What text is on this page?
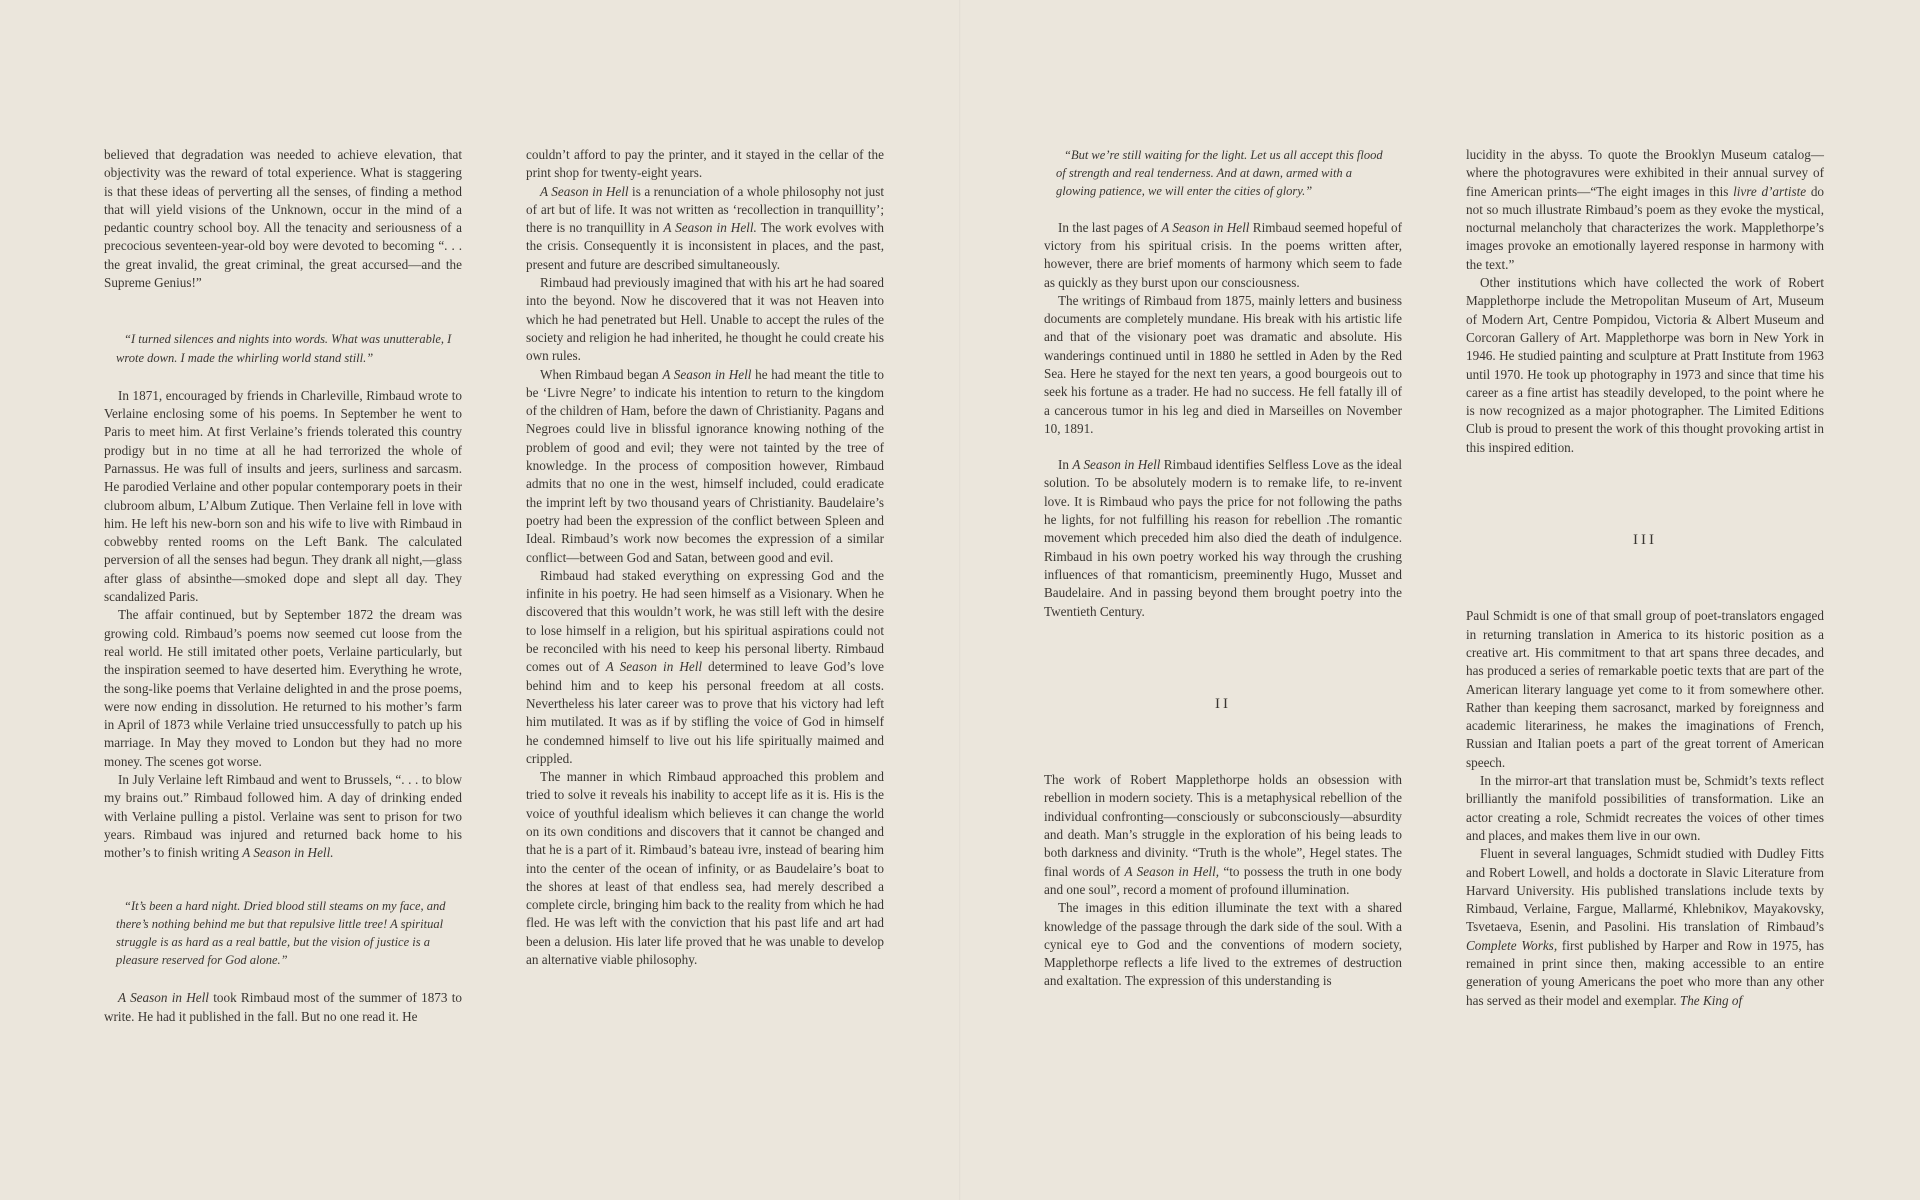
believed that degradation was needed to achieve elevation, that objectivity was the reward of total experience. What is staggering is that these ideas of perverting all the senses, of finding a method that will yield visions of the Unknown, occur in the mind of a pedantic country school boy. All the tenacity and seriousness of a precocious seventeen-year-old boy were devoted to becoming “. . . the great invalid, the great criminal, the great accursed—and the Supreme Genius!”

“I turned silences and nights into words. What was unutterable, I wrote down. I made the whirling world stand still.”

In 1871, encouraged by friends in Charleville, Rimbaud wrote to Verlaine enclosing some of his poems. In September he went to Paris to meet him. At first Verlaine’s friends tolerated this country prodigy but in no time at all he had terrorized the whole of Parnassus. He was full of insults and jeers, surliness and sarcasm. He parodied Verlaine and other popular contemporary poets in their clubroom album, L’Album Zutique. Then Verlaine fell in love with him. He left his new-born son and his wife to live with Rimbaud in cobwebby rented rooms on the Left Bank. The calculated perversion of all the senses had begun. They drank all night,—glass after glass of absinthe—smoked dope and slept all day. They scandalized Paris.

The affair continued, but by September 1872 the dream was growing cold. Rimbaud’s poems now seemed cut loose from the real world. He still imitated other poets, Verlaine particularly, but the inspiration seemed to have deserted him. Everything he wrote, the song-like poems that Verlaine delighted in and the prose poems, were now ending in dissolution. He returned to his mother’s farm in April of 1873 while Verlaine tried unsuccessfully to patch up his marriage. In May they moved to London but they had no more money. The scenes got worse.

In July Verlaine left Rimbaud and went to Brussels, “. . . to blow my brains out.” Rimbaud followed him. A day of drinking ended with Verlaine pulling a pistol. Verlaine was sent to prison for two years. Rimbaud was injured and returned back home to his mother’s to finish writing A Season in Hell.

“It’s been a hard night. Dried blood still steams on my face, and there’s nothing behind me but that repulsive little tree! A spiritual struggle is as hard as a real battle, but the vision of justice is a pleasure reserved for God alone.”

A Season in Hell took Rimbaud most of the summer of 1873 to write. He had it published in the fall. But no one read it. He

couldn’t afford to pay the printer, and it stayed in the cellar of the print shop for twenty-eight years.

A Season in Hell is a renunciation of a whole philosophy not just of art but of life. It was not written as ‘recollection in tranquillity’; there is no tranquillity in A Season in Hell. The work evolves with the crisis. Consequently it is inconsistent in places, and the past, present and future are described simultaneously.

Rimbaud had previously imagined that with his art he had soared into the beyond. Now he discovered that it was not Heaven into which he had penetrated but Hell. Unable to accept the rules of the society and religion he had inherited, he thought he could create his own rules.

When Rimbaud began A Season in Hell he had meant the title to be ‘Livre Negre’ to indicate his intention to return to the kingdom of the children of Ham, before the dawn of Christianity. Pagans and Negroes could live in blissful ignorance knowing nothing of the problem of good and evil; they were not tainted by the tree of knowledge. In the process of composition however, Rimbaud admits that no one in the west, himself included, could eradicate the imprint left by two thousand years of Christianity. Baudelaire’s poetry had been the expression of the conflict between Spleen and Ideal. Rimbaud’s work now becomes the expression of a similar conflict—between God and Satan, between good and evil.

Rimbaud had staked everything on expressing God and the infinite in his poetry. He had seen himself as a Visionary. When he discovered that this wouldn’t work, he was still left with the desire to lose himself in a religion, but his spiritual aspirations could not be reconciled with his need to keep his personal liberty. Rimbaud comes out of A Season in Hell determined to leave God’s love behind him and to keep his personal freedom at all costs. Nevertheless his later career was to prove that his victory had left him mutilated. It was as if by stifling the voice of God in himself he condemned himself to live out his life spiritually maimed and crippled.

The manner in which Rimbaud approached this problem and tried to solve it reveals his inability to accept life as it is. His is the voice of youthful idealism which believes it can change the world on its own conditions and discovers that it cannot be changed and that he is a part of it. Rimbaud’s bateau ivre, instead of bearing him into the center of the ocean of infinity, or as Baudelaire’s boat to the shores at least of that endless sea, had merely described a complete circle, bringing him back to the reality from which he had fled. He was left with the conviction that his past life and art had been a delusion. His later life proved that he was unable to develop an alternative viable philosophy.

“But we’re still waiting for the light. Let us all accept this flood of strength and real tenderness. And at dawn, armed with a glowing patience, we will enter the cities of glory.”

In the last pages of A Season in Hell Rimbaud seemed hopeful of victory from his spiritual crisis. In the poems written after, however, there are brief moments of harmony which seem to fade as quickly as they burst upon our consciousness.

The writings of Rimbaud from 1875, mainly letters and business documents are completely mundane. His break with his artistic life and that of the visionary poet was dramatic and absolute. His wanderings continued until in 1880 he settled in Aden by the Red Sea. Here he stayed for the next ten years, a good bourgeois out to seek his fortune as a trader. He had no success. He fell fatally ill of a cancerous tumor in his leg and died in Marseilles on November 10, 1891.

In A Season in Hell Rimbaud identifies Selfless Love as the ideal solution. To be absolutely modern is to remake life, to re-invent love. It is Rimbaud who pays the price for not following the paths he lights, for not fulfilling his reason for rebellion .The romantic movement which preceded him also died the death of indulgence. Rimbaud in his own poetry worked his way through the crushing influences of that romanticism, preeminently Hugo, Musset and Baudelaire. And in passing beyond them brought poetry into the Twentieth Century.

II

The work of Robert Mapplethorpe holds an obsession with rebellion in modern society. This is a metaphysical rebellion of the individual confronting—consciously or subconsciously—absurdity and death. Man’s struggle in the exploration of his being leads to both darkness and divinity. “Truth is the whole”, Hegel states. The final words of A Season in Hell, “to possess the truth in one body and one soul”, record a moment of profound illumination.

The images in this edition illuminate the text with a shared knowledge of the passage through the dark side of the soul. With a cynical eye to God and the conventions of modern society, Mapplethorpe reflects a life lived to the extremes of destruction and exaltation. The expression of this understanding is

lucidity in the abyss. To quote the Brooklyn Museum catalog—where the photogravures were exhibited in their annual survey of fine American prints—“The eight images in this livre d’artiste do not so much illustrate Rimbaud’s poem as they evoke the mystical, nocturnal melancholy that characterizes the work. Mapplethorpe’s images provoke an emotionally layered response in harmony with the text.”

Other institutions which have collected the work of Robert Mapplethorpe include the Metropolitan Museum of Art, Museum of Modern Art, Centre Pompidou, Victoria & Albert Museum and Corcoran Gallery of Art. Mapplethorpe was born in New York in 1946. He studied painting and sculpture at Pratt Institute from 1963 until 1970. He took up photography in 1973 and since that time his career as a fine artist has steadily developed, to the point where he is now recognized as a major photographer. The Limited Editions Club is proud to present the work of this thought provoking artist in this inspired edition.

III

Paul Schmidt is one of that small group of poet-translators engaged in returning translation in America to its historic position as a creative art. His commitment to that art spans three decades, and has produced a series of remarkable poetic texts that are part of the American literary language yet come to it from somewhere other. Rather than keeping them sacrosanct, marked by foreignness and academic literariness, he makes the imaginations of French, Russian and Italian poets a part of the great torrent of American speech.

In the mirror-art that translation must be, Schmidt’s texts reflect brilliantly the manifold possibilities of transformation. Like an actor creating a role, Schmidt recreates the voices of other times and places, and makes them live in our own.

Fluent in several languages, Schmidt studied with Dudley Fitts and Robert Lowell, and holds a doctorate in Slavic Literature from Harvard University. His published translations include texts by Rimbaud, Verlaine, Fargue, Mallarmé, Khlebnikov, Mayakovsky, Tsvetaeva, Esenin, and Pasolini. His translation of Rimbaud’s Complete Works, first published by Harper and Row in 1975, has remained in print since then, making accessible to an entire generation of young Americans the poet who more than any other has served as their model and exemplar. The King of
